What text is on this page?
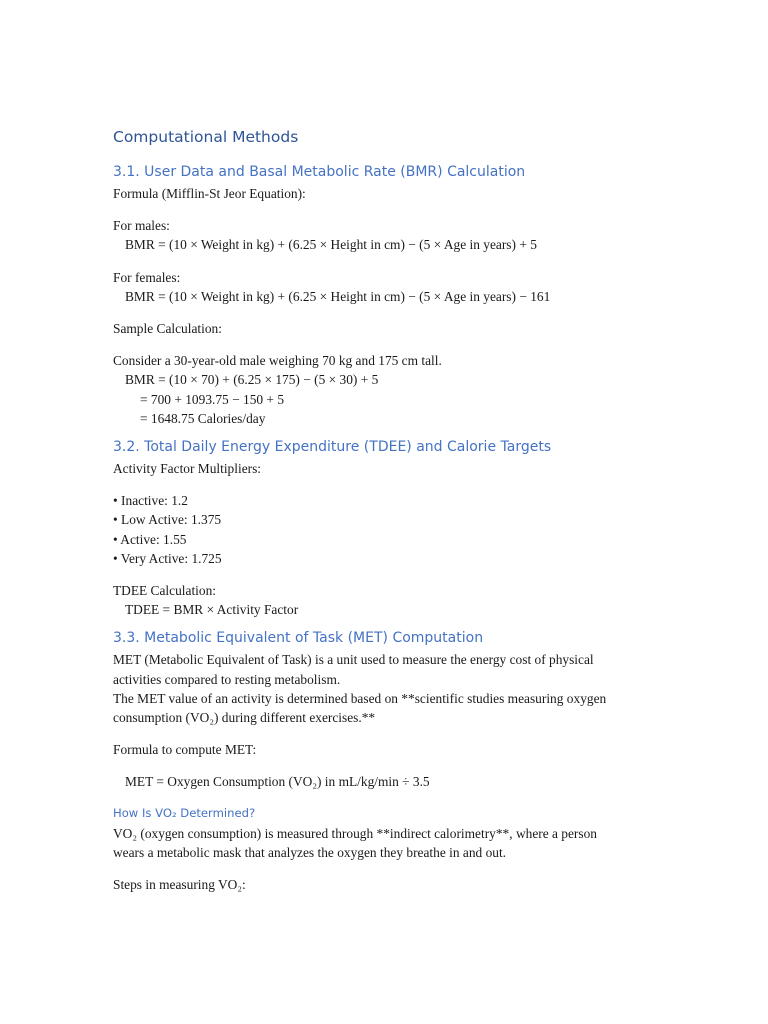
Computational Methods
3.1. User Data and Basal Metabolic Rate (BMR) Calculation

Formula (Mifflin-St Jeor Equation):

For males:

BMR = (10 × Weight in kg) + (6.25 × Height in cm) − (5 × Age in years) + 5

For females:

BMR = (10 × Weight in kg) + (6.25 × Height in cm) − (5 × Age in years) − 161

Sample Calculation:

Consider a 30-year-old male weighing 70 kg and 175 cm tall.

BMR = (10 × 70) + (6.25 × 175) − (5 × 30) + 5

= 700 + 1093.75 − 150 + 5

= 1648.75 Calories/day

3.2. Total Daily Energy Expenditure (TDEE) and Calorie Targets

Activity Factor Multipliers:

• Inactive: 1.2
• Low Active: 1.375
• Active: 1.55
• Very Active: 1.725

TDEE Calculation:

TDEE = BMR × Activity Factor

3.3. Metabolic Equivalent of Task (MET) Computation

MET (Metabolic Equivalent of Task) is a unit used to measure the energy cost of physical

activities compared to resting metabolism.

The MET value of an activity is determined based on **scientific studies measuring oxygen

consumption (VO₂) during different exercises.**

Formula to compute MET:

MET = Oxygen Consumption (VO₂) in mL/kg/min ÷ 3.5

How Is VO₂ Determined?

VO₂ (oxygen consumption) is measured through **indirect calorimetry**, where a person

wears a metabolic mask that analyzes the oxygen they breathe in and out.

Steps in measuring VO₂:
